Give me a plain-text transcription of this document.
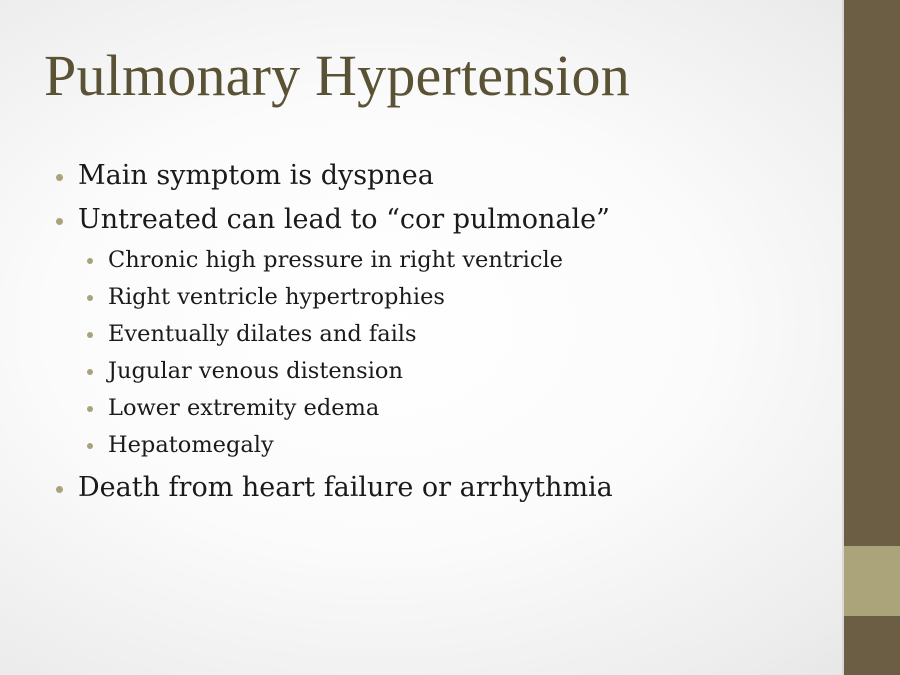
Pulmonary Hypertension
Main symptom is dyspnea
Untreated can lead to “cor pulmonale”
Chronic high pressure in right ventricle
Right ventricle hypertrophies
Eventually dilates and fails
Jugular venous distension
Lower extremity edema
Hepatomegaly
Death from heart failure or arrhythmia
